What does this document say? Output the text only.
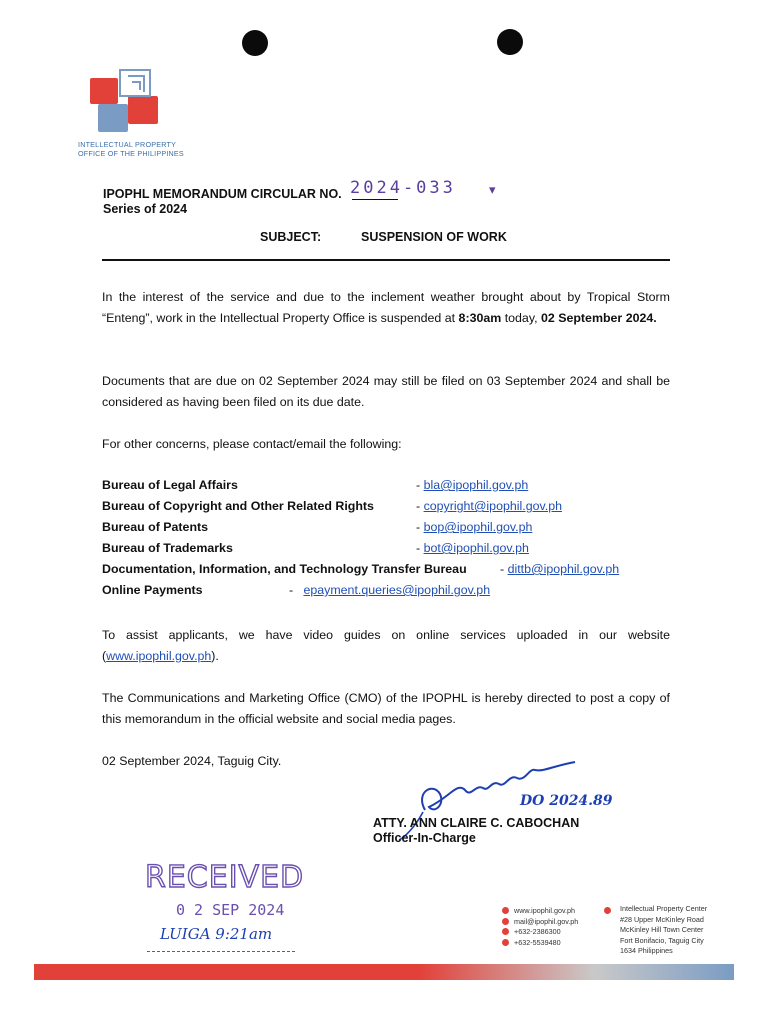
INTELLECTUAL PROPERTY
OFFICE OF THE PHILIPPINES
IPOPHL MEMORANDUM CIRCULAR NO. 2024-033	▾
Series of 2024
SUBJECT:	SUSPENSION OF WORK
In the interest of the service and due to the inclement weather brought about by Tropical Storm “Enteng”, work in the Intellectual Property Office is suspended at 8:30am today, 02 September 2024.
Documents that are due on 02 September 2024 may still be filed on 03 September 2024 and shall be considered as having been filed on its due date.
For other concerns, please contact/email the following:
Bureau of Legal Affairs	- bla@ipophil.gov.ph
Bureau of Copyright and Other Related Rights	- copyright@ipophil.gov.ph
Bureau of Patents	- bop@ipophil.gov.ph
Bureau of Trademarks	- bot@ipophil.gov.ph
Documentation, Information, and Technology Transfer Bureau	- dittb@ipophil.gov.ph
Online Payments	-   epayment.queries@ipophil.gov.ph
To assist applicants, we have video guides on online services uploaded in our website (www.ipophil.gov.ph).
The Communications and Marketing Office (CMO) of the IPOPHL is hereby directed to post a copy of this memorandum in the official website and social media pages.
02 September 2024, Taguig City.
DO 2024.89
ATTY. ANN CLAIRE C. CABOCHAN
Officer-In-Charge
RECEIVED
0 2 SEP 2024
LUIGA 9:21am
www.ipophil.gov.ph
mail@ipophil.gov.ph
+632-2386300
+632-5539480
Intellectual Property Center
#28 Upper McKinley Road
McKinley Hill Town Center
Fort Bonifacio, Taguig City
1634 Philippines
